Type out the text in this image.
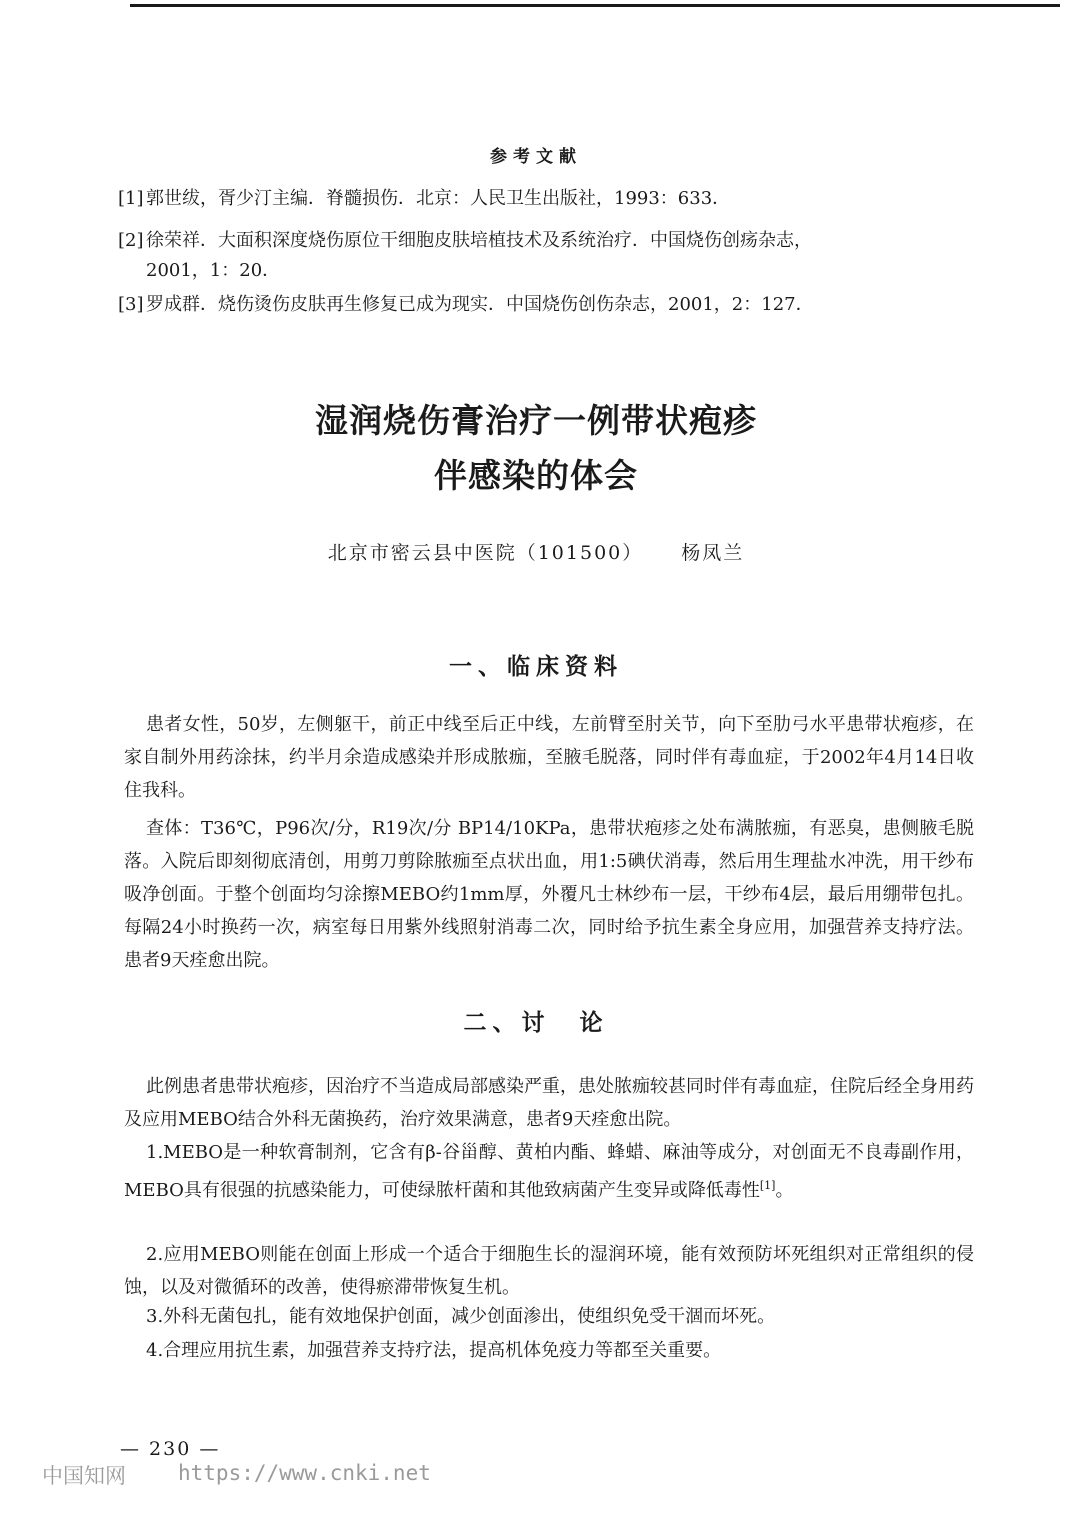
参考文献
[1] 郭世绂，胥少汀主编．脊髓损伤．北京：人民卫生出版社，1993：633．
[2] 徐荣祥．大面积深度烧伤原位干细胞皮肤培植技术及系统治疗．中国烧伤创疡杂志，
2001，1：20．
[3] 罗成群．烧伤烫伤皮肤再生修复已成为现实．中国烧伤创伤杂志，2001，2：127．
湿润烧伤膏治疗一例带状疱疹
伴感染的体会
北京市密云县中医院（101500） 杨凤兰
一、临床资料
患者女性，50岁，左侧躯干，前正中线至后正中线，左前臂至肘关节，向下至肋弓水平患带状疱疹，在家自制外用药涂抹，约半月余造成感染并形成脓痂，至腋毛脱落，同时伴有毒血症，于2002年4月14日收住我科。
查体：T36℃，P96次/分，R19次/分 BP14/10KPa，患带状疱疹之处布满脓痂，有恶臭，患侧腋毛脱落。入院后即刻彻底清创，用剪刀剪除脓痂至点状出血，用1:5碘伏消毒，然后用生理盐水冲洗，用干纱布吸净创面。于整个创面均匀涂擦MEBO约1mm厚，外覆凡士林纱布一层，干纱布4层，最后用绷带包扎。每隔24小时换药一次，病室每日用紫外线照射消毒二次，同时给予抗生素全身应用，加强营养支持疗法。患者9天痊愈出院。
二、讨　论
此例患者患带状疱疹，因治疗不当造成局部感染严重，患处脓痂较甚同时伴有毒血症，住院后经全身用药及应用MEBO结合外科无菌换药，治疗效果满意，患者9天痊愈出院。
1.MEBO是一种软膏制剂，它含有β-谷甾醇、黄柏内酯、蜂蜡、麻油等成分，对创面无不良毒副作用，MEBO具有很强的抗感染能力，可使绿脓杆菌和其他致病菌产生变异或降低毒性[1]。
2.应用MEBO则能在创面上形成一个适合于细胞生长的湿润环境，能有效预防坏死组织对正常组织的侵蚀，以及对微循环的改善，使得瘀滞带恢复生机。
3.外科无菌包扎，能有效地保护创面，减少创面渗出，使组织免受干涸而坏死。
4.合理应用抗生素，加强营养支持疗法，提高机体免疫力等都至关重要。
— 230 —
中国知网 https://www.cnki.net
